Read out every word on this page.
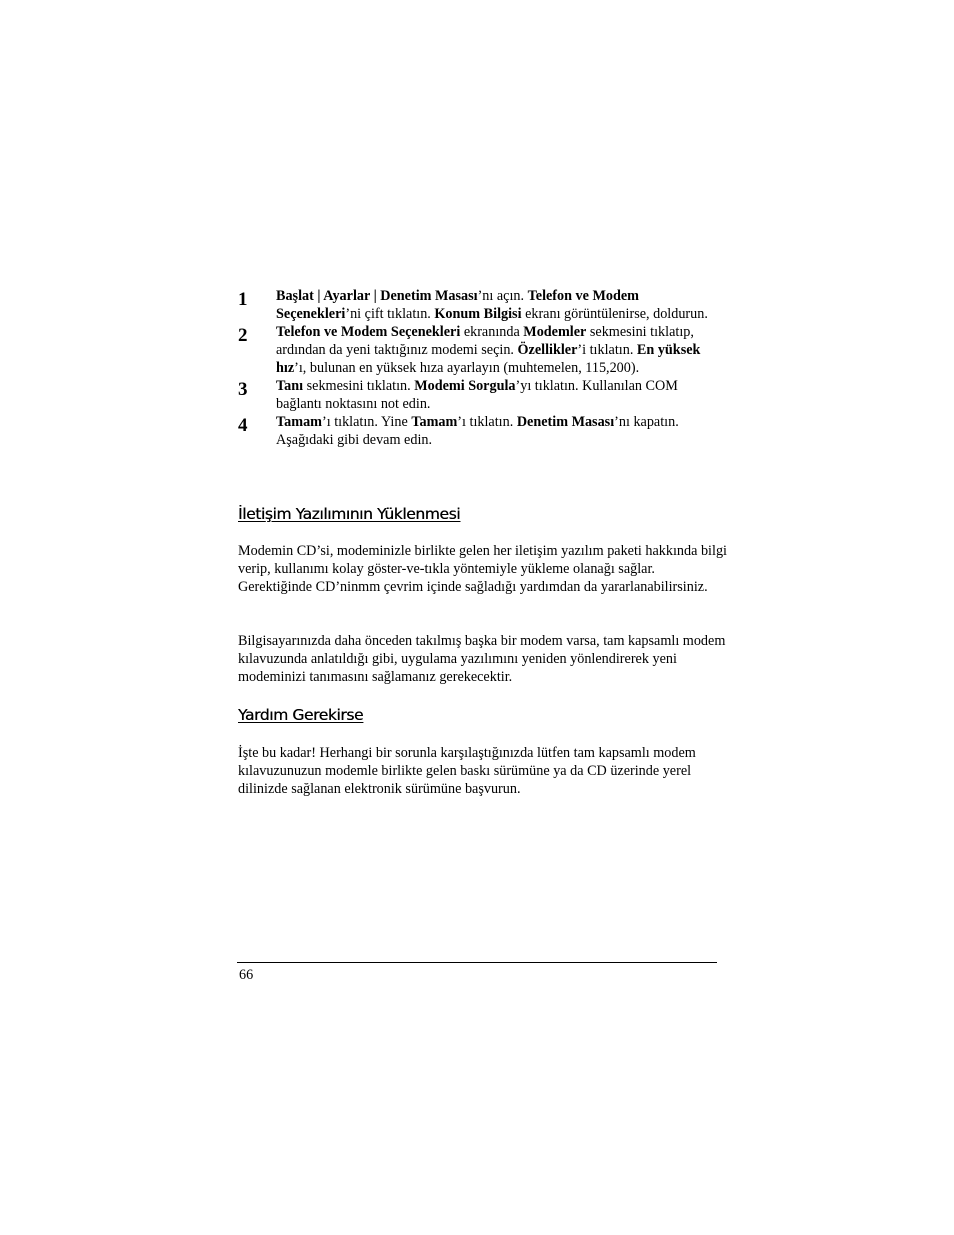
1 Başlat | Ayarlar | Denetim Masası’nı açın. Telefon ve Modem Seçenekleri’ni çift tıklatın. Konum Bilgisi ekranı görüntülenirse, doldurun.
2 Telefon ve Modem Seçenekleri ekranında Modemler sekmesini tıklatıp, ardından da yeni taktığınız modemi seçin. Özellikler’i tıklatın. En yüksek hız’ı, bulunan en yüksek hıza ayarlayın (muhtemelen, 115,200).
3 Tanı sekmesini tıklatın. Modemi Sorgula’yı tıklatın. Kullanılan COM bağlantı noktasını not edin.
4 Tamam’ı tıklatın. Yine Tamam’ı tıklatın. Denetim Masası’nı kapatın. Aşağıdaki gibi devam edin.
İletişim Yazılımının Yüklenmesi
Modemin CD’si, modeminizle birlikte gelen her iletişim yazılım paketi hakkında bilgi verip, kullanımı kolay göster-ve-tıkla yöntemiyle yükleme olanağı sağlar. Gerektiğinde CD’ninmm çevrim içinde sağladığı yardımdan da yararlanabilirsiniz.
Bilgisayarınızda daha önceden takılmış başka bir modem varsa, tam kapsamlı modem kılavuzunda anlatıldığı gibi, uygulama yazılımını yeniden yönlendirerek yeni modeminizi tanımasını sağlamanız gerekecektir.
Yardım Gerekirse
İşte bu kadar! Herhangi bir sorunla karşılaştığınızda lütfen tam kapsamlı modem kılavuzunuzun modemle birlikte gelen baskı sürümüne ya da CD üzerinde yerel dilinizde sağlanan elektronik sürümüne başvurun.
66
